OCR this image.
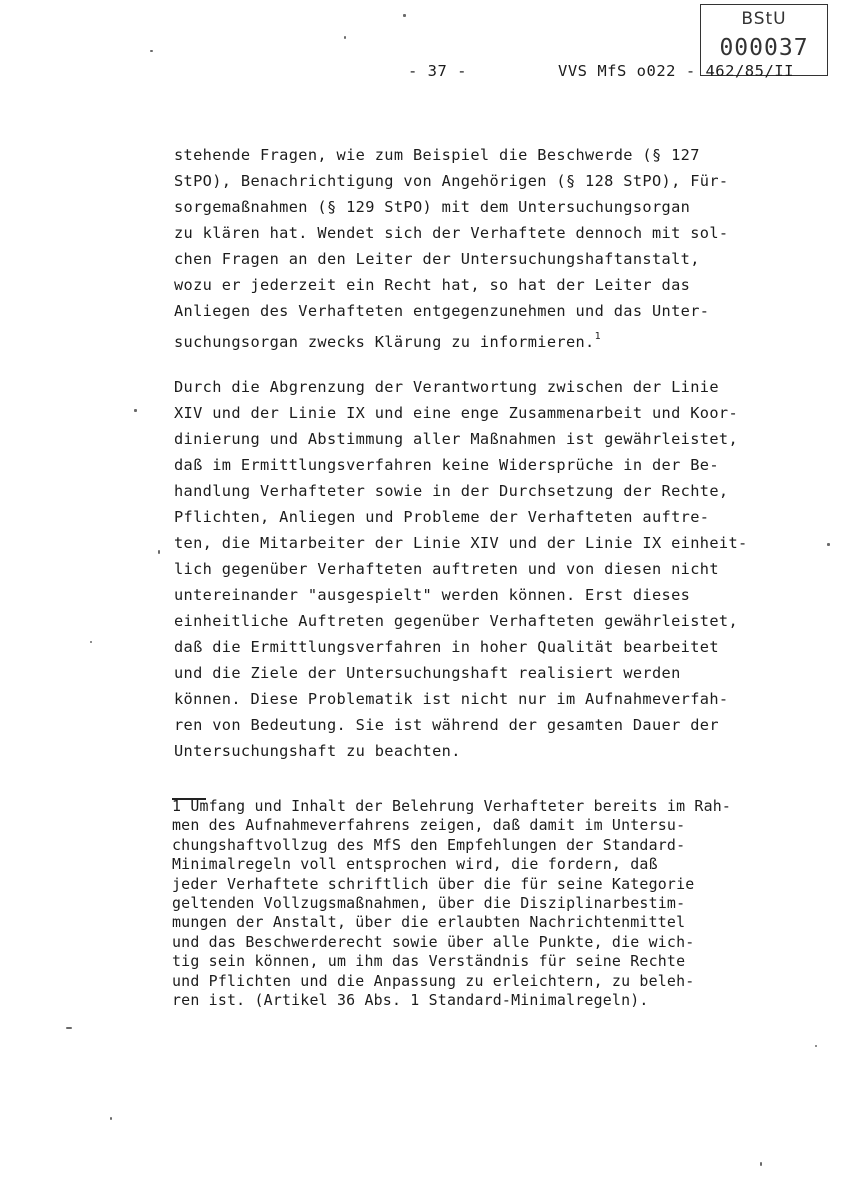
BStU
000037
- 37 -	VVS MfS o022 - 462/85/II
stehende Fragen, wie zum Beispiel die Beschwerde (§ 127
StPO), Benachrichtigung von Angehörigen (§ 128 StPO), Für-
sorgemaßnahmen (§ 129 StPO) mit dem Untersuchungsorgan
zu klären hat. Wendet sich der Verhaftete dennoch mit sol-
chen Fragen an den Leiter der Untersuchungshaftanstalt,
wozu er jederzeit ein Recht hat, so hat der Leiter das
Anliegen des Verhafteten entgegenzunehmen und das Unter-
suchungsorgan zwecks Klärung zu informieren.$^1$
Durch die Abgrenzung der Verantwortung zwischen der Linie
XIV und der Linie IX und eine enge Zusammenarbeit und Koor-
dinierung und Abstimmung aller Maßnahmen ist gewährleistet,
daß im Ermittlungsverfahren keine Widersprüche in der Be-
handlung Verhafteter sowie in der Durchsetzung der Rechte,
Pflichten, Anliegen und Probleme der Verhafteten auftre-
ten, die Mitarbeiter der Linie XIV und der Linie IX einheit-
lich gegenüber Verhafteten auftreten und von diesen nicht
untereinander "ausgespielt" werden können. Erst dieses
einheitliche Auftreten gegenüber Verhafteten gewährleistet,
daß die Ermittlungsverfahren in hoher Qualität bearbeitet
und die Ziele der Untersuchungshaft realisiert werden
können. Diese Problematik ist nicht nur im Aufnahmeverfah-
ren von Bedeutung. Sie ist während der gesamten Dauer der
Untersuchungshaft zu beachten.
1 Umfang und Inhalt der Belehrung Verhafteter bereits im Rah-
men des Aufnahmeverfahrens zeigen, daß damit im Untersu-
chungshaftvollzug des MfS den Empfehlungen der Standard-
Minimalregeln voll entsprochen wird, die fordern, daß
jeder Verhaftete schriftlich über die für seine Kategorie
geltenden Vollzugsmaßnahmen, über die Disziplinarbestim-
mungen der Anstalt, über die erlaubten Nachrichtenmittel
und das Beschwerderecht sowie über alle Punkte, die wich-
tig sein können, um ihm das Verständnis für seine Rechte
und Pflichten und die Anpassung zu erleichtern, zu beleh-
ren ist. (Artikel 36 Abs. 1 Standard-Minimalregeln).
